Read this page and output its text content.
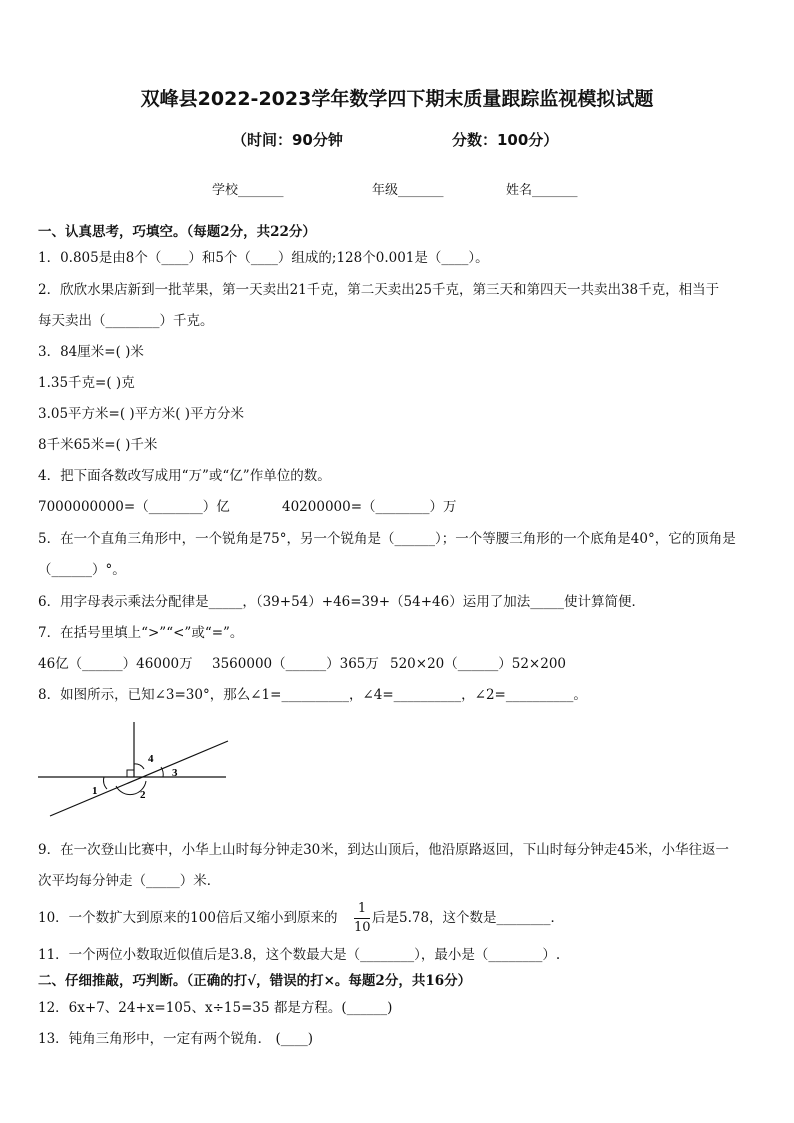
双峰县2022-2023学年数学四下期末质量跟踪监视模拟试题
（时间：90分钟	分数：100分）
学校_______	年级_______	姓名_______
一、认真思考，巧填空。（每题2分，共22分）
1．0.805是由8个（____）和5个（____）组成的;128个0.001是（____）。
2．欣欣水果店新到一批苹果，第一天卖出21千克，第二天卖出25千克，第三天和第四天一共卖出38千克，相当于
每天卖出（________）千克。
3．84厘米=( )米
1.35千克=( )克
3.05平方米=( )平方米( )平方分米
8千米65米=( )千米
4．把下面各数改写成用“万”或“亿”作单位的数。
7000000000=（________）亿	40200000=（________）万
5．在一个直角三角形中，一个锐角是75°，另一个锐角是（______）；一个等腰三角形的一个底角是40°，它的顶角是
（______）°。
6．用字母表示乘法分配律是_____，（39+54）+46=39+（54+46）运用了加法_____使计算简便．
7．在括号里填上“>”“<”或“=”。
46亿（______）46000万 3560000（______）365万 520×20（______）52×200
8．如图所示，已知∠3=30°，那么∠1=__________，∠4=__________，∠2=__________。
1	2
3
4
9．在一次登山比赛中，小华上山时每分钟走30米，到达山顶后，他沿原路返回，下山时每分钟走45米，小华往返一
次平均每分钟走（_____）米．
10．一个数扩大到原来的100倍后又缩小到原来的
1
10
后是5.78，这个数是________．
11．一个两位小数取近似值后是3.8，这个数最大是（________），最小是（________）.
二、仔细推敲，巧判断。（正确的打√，错误的打×。每题2分，共16分）
12．6x+7、24+x=105、x÷15=35 都是方程。(______)
13．钝角三角形中，一定有两个锐角． (____)
